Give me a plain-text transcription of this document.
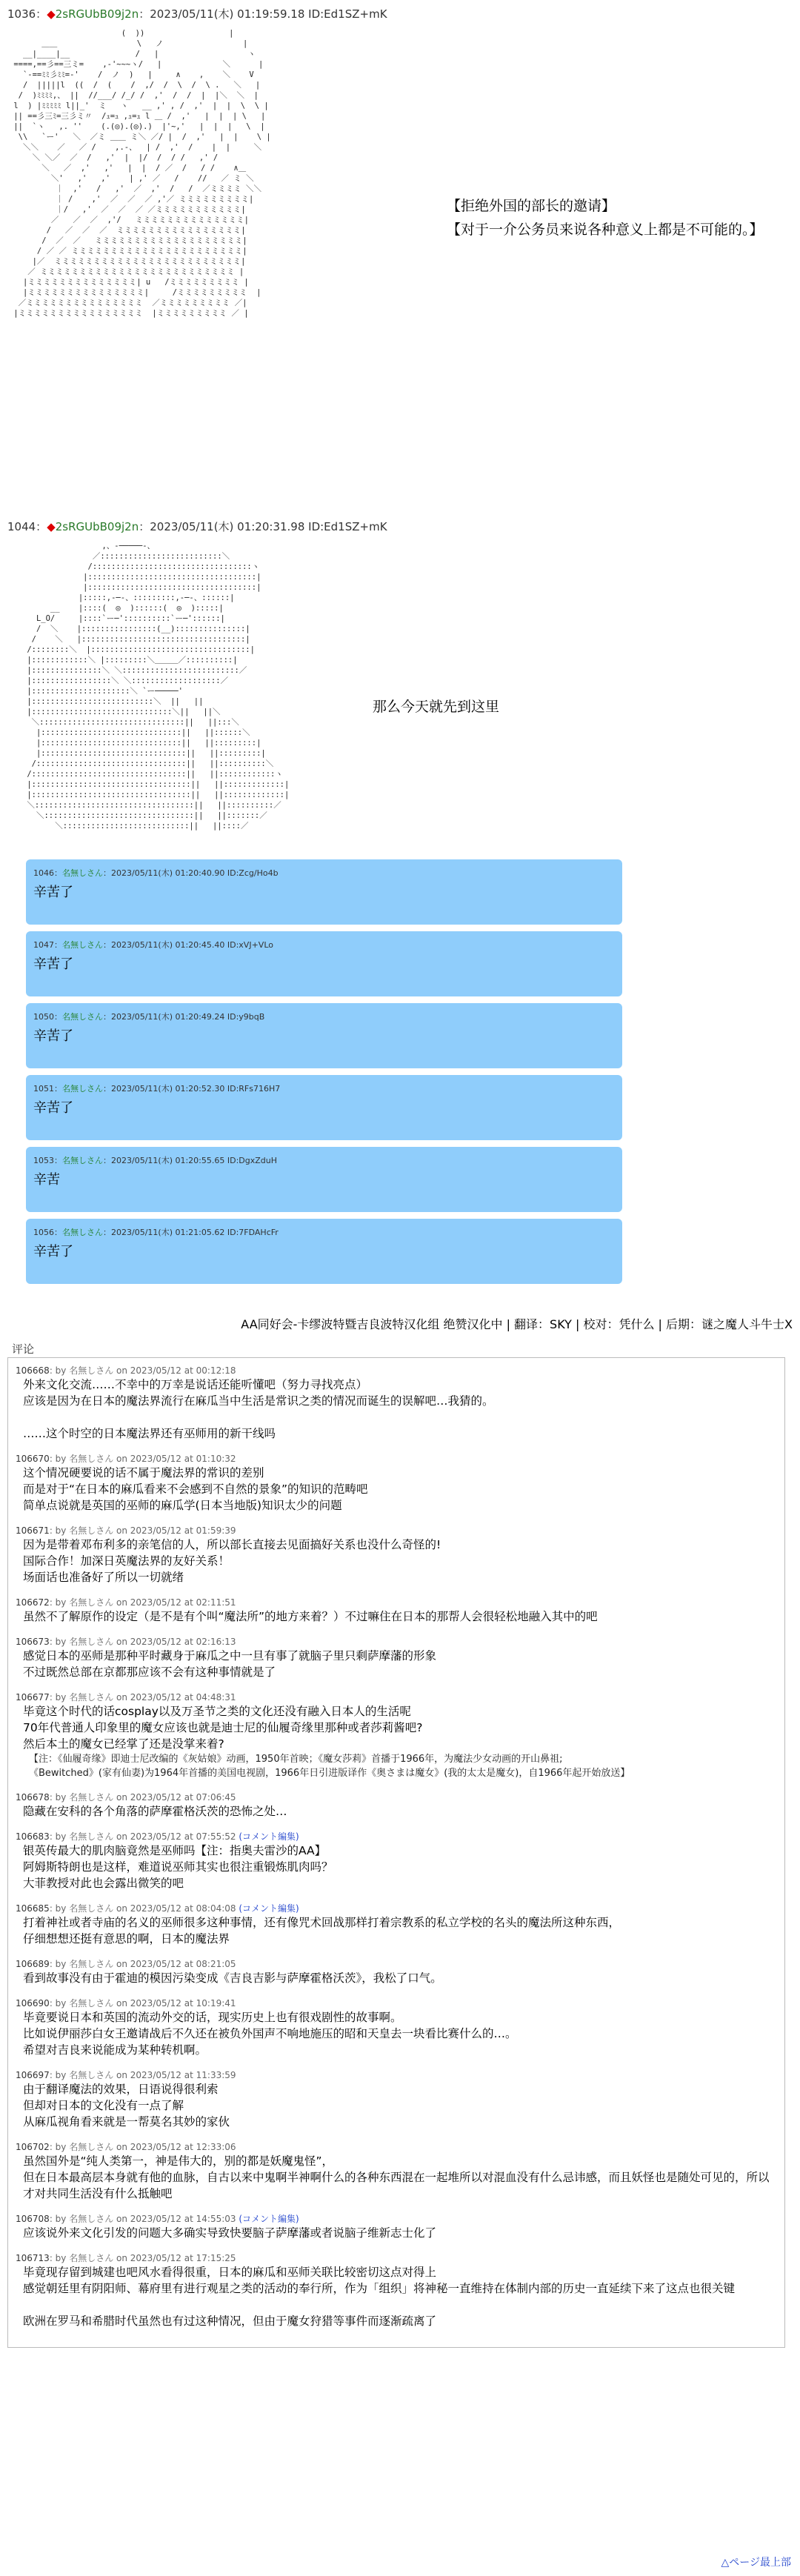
1036：◆2sRGUbB09j2n：2023/05/11(木) 01:19:59.18 ID:Ed1SZ+mK
(  ))                  |
＿＿                 \   ノ                 |
__|____|__              /   |                   ヽ
====,==彡==三ミ=    ,-'~~~ヽ/   |             ＼      |
`-==ﾐﾐ彡ﾐﾐ=-'    /  ノ  )   |     ∧    ,    ＼    V
/  |||||l  ((  /  (    /  ,/  /  \  /  \ .   ＼   |
/  )ﾐﾐﾐﾐ,、 ||  //___/ /_/ /  ,'  /  /  |  |＼  ＼  |
l  ) |ﾐﾐﾐﾐﾐ l||_'  ミ   ヽ   __ ,' , /  ,'  |  |  \  \ |
|| ==彡三ﾐ=三彡ミ〃  /ｭ=ｭ ,ｭ=ｭ l ＿ /  ,'   |  |  | \   |
||  `ヽ   ,. ''    (.(◎).(◎).)  |'~,'   |  |  |   \  |
\\   `ー'   ＼  ／ミ ＿＿ ミ＼ ／/ |  /  ,'   |  |    \ |
＼＼    ／   ／ /    ,.-、  | /  ,'  /    |  |     ＼
＼ ＼／  ／  /   ,'  |  |/  /  / /   ,' /
＼   ／  ,'   ,'   |  |  / ／  /   / /    ∧＿
＼'   ,'   ,'    | ,' ／   /    //   ／ ミ ＼
｜  ,'   /   ,'  ／  ,'  /   /  ／ミミミミ ＼＼
｜ /    ,'  ／  ／  ／ ,'／ ミミミミミミミミミ|
｜/   ,'  ／  ／  ／ ／ミミミミミミミミミミミ|
／   ／  ／  ,'/   ミミミミミミミミミミミミミミ|
/   ／  ／  ／  ミミミミミミミミミミミミミミミミ|
/  ／  ／   ミミミミミミミミミミミミミミミミミミミ|
/ ／ ／ ミミミミミミミミミミミミミミミミミミミミミミ|
|／  ミミミミミミミミミミミミミミミミミミミミミミミミ|
／ ミミミミミミミミミミミミミミミミミミミミミミミミミ |
|ミミミミミミミミミミミミミミ| u   /ミミミミミミミミミ |
|ミミミミミミミミミミミミミミミ|     /ミミミミミミミミミ  |
／ミミミミミミミミミミミミミミミ  ／ミミミミミミミミミ ／|
|ミミミミミミミミミミミミミミミミ  |ミミミミミミミミミ ／ |
【拒绝外国的部长的邀请】
【对于一介公务员来说各种意义上都是不可能的。】
1044：◆2sRGUbB09j2n：2023/05/11(木) 01:20:31.98 ID:Ed1SZ+mK
,、-─────-、
／::::::::::::::::::::::::::＼
/::::::::::::::::::::::::::::::::::ヽ
|::::::::::::::::::::::::::::::::::::|
|::::::::::::::::::::::::::::::::::::|
|:::::,-─-、:::::::::,-─-、::::::|
__    |::::(  ◎  )::::::(  ◎  ):::::|
L_O/     |::::`ー─'::::::::::`ー─'::::::|
/  ＼    |::::::::::::::::(__):::::::::::::::|
/    ＼   |:::::::::::::::::::::::::::::::::::|
/::::::::＼  |::::::::::::::::::::::::::::::::::|
|::::::::::::＼ |:::::::::＼＿＿＿／::::::::::|
|:::::::::::::::＼ ＼:::::::::::::::::::::::::／
|:::::::::::::::::＼ ＼:::::::::::::::::::／
|:::::::::::::::::::::＼ `ー─────'
|::::::::::::::::::::::::::＼  ||   ||
|::::::::::::::::::::::::::::::＼||   ||＼
＼:::::::::::::::::::::::::::::::||   ||:::＼
|::::::::::::::::::::::::::::::||   ||::::::＼
|::::::::::::::::::::::::::::::||   ||:::::::::|
|:::::::::::::::::::::::::::::::||   ||:::::::::|
/::::::::::::::::::::::::::::::::||   ||::::::::::＼
/:::::::::::::::::::::::::::::::::||   ||::::::::::::ヽ
|::::::::::::::::::::::::::::::::::||   ||:::::::::::::|
|::::::::::::::::::::::::::::::::::||   ||:::::::::::::|
＼::::::::::::::::::::::::::::::::::||   ||::::::::::／
＼::::::::::::::::::::::::::::::::||   ||:::::::／
＼:::::::::::::::::::::::::::||   ||::::／
那么今天就先到这里
1046：名無しさん：2023/05/11(木) 01:20:40.90 ID:Zcg/Ho4b
辛苦了
1047：名無しさん：2023/05/11(木) 01:20:45.40 ID:xVJ+VLo
辛苦了
1050：名無しさん：2023/05/11(木) 01:20:49.24 ID:y9bqB
辛苦了
1051：名無しさん：2023/05/11(木) 01:20:52.30 ID:RFs716H7
辛苦了
1053：名無しさん：2023/05/11(木) 01:20:55.65 ID:DgxZduH
辛苦
1056：名無しさん：2023/05/11(木) 01:21:05.62 ID:7FDAHcFr
辛苦了
AA同好会-卡缪波特暨吉良波特汉化组 绝赞汉化中 | 翻译：SKY | 校对：凭什么 | 后期：谜之魔人斗牛士X
评论
106668: by 名無しさん on 2023/05/12 at 00:12:18
外来文化交流……不幸中的万幸是说话还能听懂吧（努力寻找亮点）
应该是因为在日本的魔法界流行在麻瓜当中生活是常识之类的情况而诞生的误解吧…我猜的。

……这个时空的日本魔法界还有巫师用的新干线吗
106670: by 名無しさん on 2023/05/12 at 01:10:32
这个情况硬要说的话不属于魔法界的常识的差别
而是对于“在日本的麻瓜看来不会感到不自然的景象”的知识的范畴吧
简单点说就是英国的巫师的麻瓜学(日本当地版)知识太少的问题
106671: by 名無しさん on 2023/05/12 at 01:59:39
因为是带着邓布利多的亲笔信的人，所以部长直接去见面搞好关系也没什么奇怪的!
国际合作！加深日英魔法界的友好关系！
场面话也准备好了所以一切就绪
106672: by 名無しさん on 2023/05/12 at 02:11:51
虽然不了解原作的设定（是不是有个叫“魔法所”的地方来着？）不过嘛住在日本的那帮人会很轻松地融入其中的吧
106673: by 名無しさん on 2023/05/12 at 02:16:13
感觉日本的巫师是那种平时藏身于麻瓜之中一旦有事了就脑子里只剩萨摩藩的形象
不过既然总部在京都那应该不会有这种事情就是了
106677: by 名無しさん on 2023/05/12 at 04:48:31
毕竟这个时代的话cosplay以及万圣节之类的文化还没有融入日本人的生活呢
70年代普通人印象里的魔女应该也就是迪士尼的仙履奇缘里那种或者莎莉酱吧?
然后本土的魔女已经掌了还是没掌来着?
【注：《仙履奇缘》即迪士尼改编的《灰姑娘》动画，1950年首映；《魔女莎莉》首播于1966年，为魔法少女动画的开山鼻祖;
《Bewitched》(家有仙妻)为1964年首播的美国电视剧，1966年日引进版译作《奥さまは魔女》(我的太太是魔女)，自1966年起开始放送】
106678: by 名無しさん on 2023/05/12 at 07:06:45
隐藏在安科的各个角落的萨摩霍格沃茨的恐怖之处…
106683: by 名無しさん on 2023/05/12 at 07:55:52 (コメント編集)
银英传最大的肌肉脑竟然是巫师吗【注：指奥夫雷沙的AA】
阿姆斯特朗也是这样，难道说巫师其实也很注重锻炼肌肉吗？
大菲教授对此也会露出微笑的吧
106685: by 名無しさん on 2023/05/12 at 08:04:08 (コメント編集)
打着神社或者寺庙的名义的巫师很多这种事情，还有像咒术回战那样打着宗教系的私立学校的名头的魔法所这种东西，
仔细想想还挺有意思的啊，日本的魔法界
106689: by 名無しさん on 2023/05/12 at 08:21:05
看到故事没有由于霍迪的模因污染变成《吉良吉影与萨摩霍格沃茨》，我松了口气。
106690: by 名無しさん on 2023/05/12 at 10:19:41
毕竟要说日本和英国的流动外交的话，现实历史上也有很戏剧性的故事啊。
比如说伊丽莎白女王邀请战后不久还在被负外国声不响地施压的昭和天皇去一块看比赛什么的…。
希望对吉良来说能成为某种转机啊。
106697: by 名無しさん on 2023/05/12 at 11:33:59
由于翻译魔法的效果，日语说得很利索
但却对日本的文化没有一点了解
从麻瓜视角看来就是一帮莫名其妙的家伙
106702: by 名無しさん on 2023/05/12 at 12:33:06
虽然国外是“纯人类第一，神是伟大的，别的都是妖魔鬼怪”，
但在日本最高层本身就有他的血脉，自古以来中鬼啊半神啊什么的各种东西混在一起堆所以对混血没有什么忌讳感，而且妖怪也是随处可见的，所以才对共同生活没有什么抵触吧
106708: by 名無しさん on 2023/05/12 at 14:55:03 (コメント編集)
应该说外来文化引发的问题大多确实导致快要脑子萨摩藩或者说脑子维新志士化了
106713: by 名無しさん on 2023/05/12 at 17:15:25
毕竟现存留到城建也吧风水看得很重，日本的麻瓜和巫师关联比较密切这点对得上
感觉朝廷里有阴阳师、幕府里有进行观星之类的活动的奉行所，作为「组织」将神秘一直维持在体制内部的历史一直延续下来了这点也很关键

欧洲在罗马和希腊时代虽然也有过这种情况，但由于魔女狩猎等事件而逐渐疏离了
△ページ最上部
